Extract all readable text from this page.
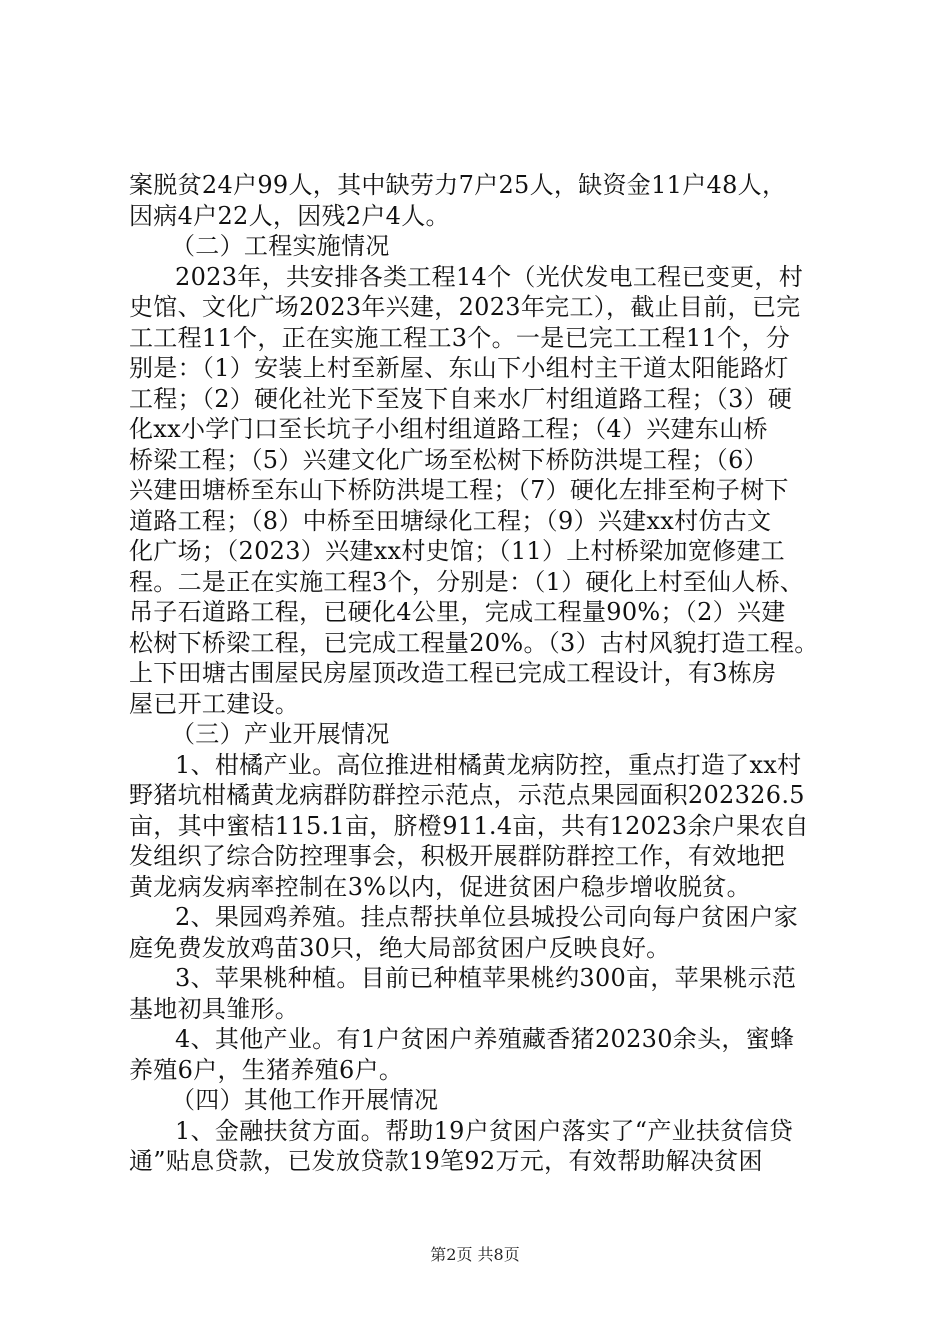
案脱贫24户99人，其中缺劳力7户25人，缺资金11户48人，
因病4户22人，因残2户4人。
（二）工程实施情况
2023年，共安排各类工程14个（光伏发电工程已变更，村
史馆、文化广场2023年兴建，2023年完工），截止目前，已完
工工程11个，正在实施工程工3个。一是已完工工程11个，分
别是：（1）安装上村至新屋、东山下小组村主干道太阳能路灯
工程；（2）硬化社光下至岌下自来水厂村组道路工程；（3）硬
化xx小学门口至长坑子小组村组道路工程；（4）兴建东山桥
桥梁工程；（5）兴建文化广场至松树下桥防洪堤工程；（6）
兴建田塘桥至东山下桥防洪堤工程；（7）硬化左排至枸子树下
道路工程；（8）中桥至田塘绿化工程；（9）兴建xx村仿古文
化广场；（2023）兴建xx村史馆；（11）上村桥梁加宽修建工
程。二是正在实施工程3个，分别是：（1）硬化上村至仙人桥、
吊子石道路工程，已硬化4公里，完成工程量90%；（2）兴建
松树下桥梁工程，已完成工程量20%。（3）古村风貌打造工程。
上下田塘古围屋民房屋顶改造工程已完成工程设计，有3栋房
屋已开工建设。
（三）产业开展情况
1、柑橘产业。高位推进柑橘黄龙病防控，重点打造了xx村
野猪坑柑橘黄龙病群防群控示范点，示范点果园面积202326.5
亩，其中蜜桔115.1亩，脐橙911.4亩，共有12023余户果农自
发组织了综合防控理事会，积极开展群防群控工作，有效地把
黄龙病发病率控制在3%以内，促进贫困户稳步增收脱贫。
2、果园鸡养殖。挂点帮扶单位县城投公司向每户贫困户家
庭免费发放鸡苗30只，绝大局部贫困户反映良好。
3、苹果桃种植。目前已种植苹果桃约300亩，苹果桃示范
基地初具雏形。
4、其他产业。有1户贫困户养殖藏香猪20230余头，蜜蜂
养殖6户，生猪养殖6户。
（四）其他工作开展情况
1、金融扶贫方面。帮助19户贫困户落实了“产业扶贫信贷
通”贴息贷款，已发放贷款19笔92万元，有效帮助解决贫困
第2页 共8页
